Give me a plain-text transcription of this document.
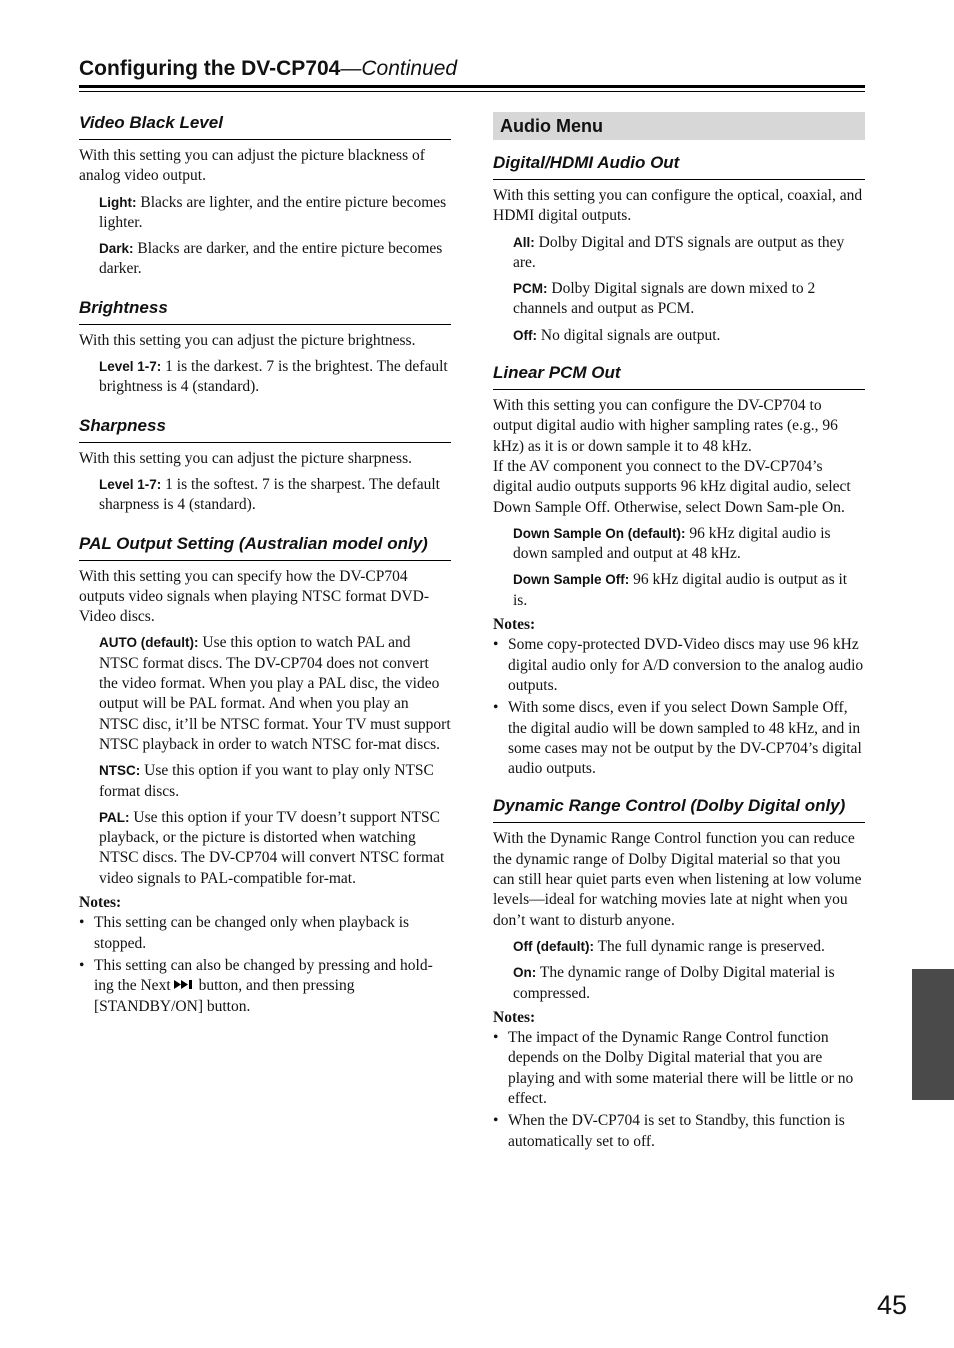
Configuring the DV-CP704—Continued
Video Black Level

With this setting you can adjust the picture blackness of analog video output.

Light: Blacks are lighter, and the entire picture becomes lighter.

Dark: Blacks are darker, and the entire picture becomes darker.

Brightness

With this setting you can adjust the picture brightness.

Level 1-7: 1 is the darkest. 7 is the brightest. The default brightness is 4 (standard).

Sharpness

With this setting you can adjust the picture sharpness.

Level 1-7: 1 is the softest. 7 is the sharpest. The default sharpness is 4 (standard).

PAL Output Setting (Australian model only)

With this setting you can specify how the DV-CP704 outputs video signals when playing NTSC format DVD-Video discs.

AUTO (default): Use this option to watch PAL and NTSC format discs. The DV-CP704 does not convert the video format. When you play a PAL disc, the video output will be PAL format. And when you play an NTSC disc, it’ll be NTSC format. Your TV must support NTSC playback in order to watch NTSC for-mat discs.

NTSC: Use this option if you want to play only NTSC format discs.

PAL: Use this option if your TV doesn’t support NTSC playback, or the picture is distorted when watching NTSC discs. The DV-CP704 will convert NTSC format video signals to PAL-compatible for-mat.

Notes:
• This setting can be changed only when playback is stopped.
• This setting can also be changed by pressing and hold-ing the Next button, and then pressing [STANDBY/ON] button.
Audio Menu
Digital/HDMI Audio Out

With this setting you can configure the optical, coaxial, and HDMI digital outputs.

All: Dolby Digital and DTS signals are output as they are.

PCM: Dolby Digital signals are down mixed to 2 channels and output as PCM.

Off: No digital signals are output.

Linear PCM Out

With this setting you can configure the DV-CP704 to output digital audio with higher sampling rates (e.g., 96 kHz) as it is or down sample it to 48 kHz.

If the AV component you connect to the DV-CP704’s digital audio outputs supports 96 kHz digital audio, select Down Sample Off. Otherwise, select Down Sam-ple On.

Down Sample On (default): 96 kHz digital audio is down sampled and output at 48 kHz.

Down Sample Off: 96 kHz digital audio is output as it is.

Notes:
• Some copy-protected DVD-Video discs may use 96 kHz digital audio only for A/D conversion to the analog audio outputs.
• With some discs, even if you select Down Sample Off, the digital audio will be down sampled to 48 kHz, and in some cases may not be output by the DV-CP704’s digital audio outputs.
Dynamic Range Control (Dolby Digital only)

With the Dynamic Range Control function you can reduce the dynamic range of Dolby Digital material so that you can still hear quiet parts even when listening at low volume levels—ideal for watching movies late at night when you don’t want to disturb anyone.

Off (default): The full dynamic range is preserved.

On: The dynamic range of Dolby Digital material is compressed.

Notes:
• The impact of the Dynamic Range Control function depends on the Dolby Digital material that you are playing and with some material there will be little or no effect.
• When the DV-CP704 is set to Standby, this function is automatically set to off.
45
